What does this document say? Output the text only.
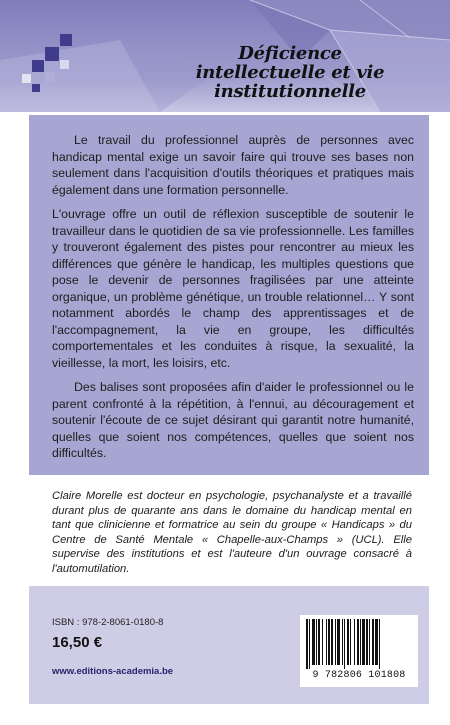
Déficience
intellectuelle et vie
institutionnelle

Le travail du professionnel auprès de personnes avec handicap mental exige un savoir faire qui trouve ses bases non seulement dans l'acquisition d'outils théoriques et pratiques mais également dans une formation personnelle.

L'ouvrage offre un outil de réflexion susceptible de soutenir le travailleur dans le quotidien de sa vie professionnelle. Les familles y trouveront également des pistes pour rencontrer au mieux les différences que génère le handicap, les multiples questions que pose le devenir de personnes fragilisées par une atteinte organique, un problème génétique, un trouble relationnel… Y sont notamment abordés le champ des apprentissages et de l'accompagnement, la vie en groupe, les difficultés comportementales et les conduites à risque, la sexualité, la vieillesse, la mort, les loisirs, etc.

Des balises sont proposées afin d'aider le professionnel ou le parent confronté à la répétition, à l'ennui, au découragement et soutenir l'écoute de ce sujet désirant qui garantit notre humanité, quelles que soient nos compétences, quelles que soient nos difficultés.

Claire Morelle est docteur en psychologie, psychanalyste et a travaillé durant plus de quarante ans dans le domaine du handicap mental en tant que clinicienne et formatrice au sein du groupe « Handicaps » du Centre de Santé Mentale « Chapelle-aux-Champs » (UCL). Elle supervise des institutions et est l'auteure d'un ouvrage consacré à l'automutilation.
ISBN : 978-2-8061-0180-8
16,50 €
www.editions-academia.be	9 782806 101808
